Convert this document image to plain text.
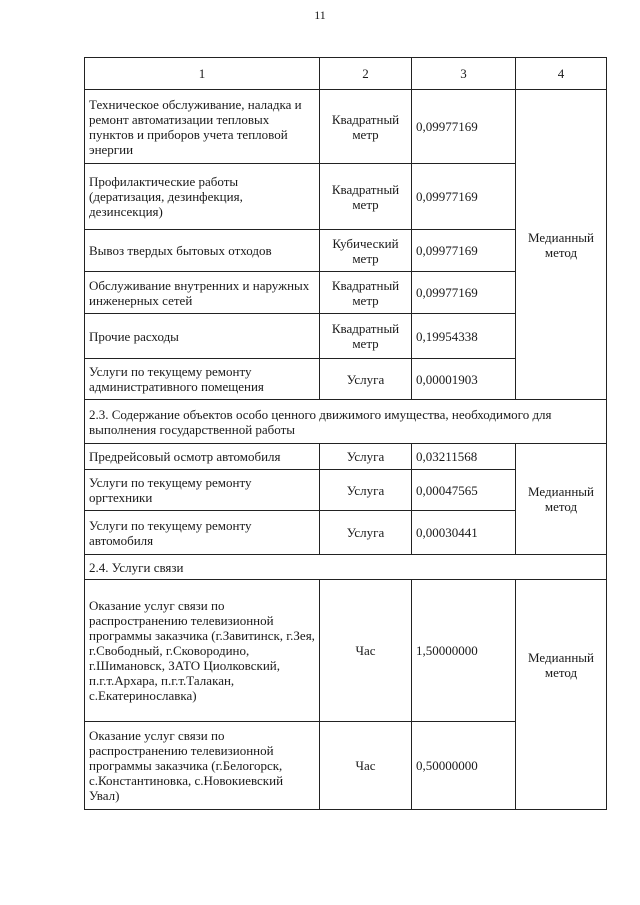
11
1	2	3	4
Техническое обслуживание, наладка и ремонт автоматизации тепловых пунктов и приборов учета тепловой энергии	Квадратный метр	0,09977169	Медианный метод
Профилактические работы (дератизация, дезинфекция, дезинсекция)	Квадратный метр	0,09977169	
Вывоз твердых бытовых отходов	Кубический метр	0,09977169	
Обслуживание внутренних и наружных инженерных сетей	Квадратный метр	0,09977169	
Прочие расходы	Квадратный метр	0,19954338	
Услуги по текущему ремонту административного помещения	Услуга	0,00001903	
2.3. Содержание объектов особо ценного движимого имущества, необходимого для выполнения государственной работы			
Предрейсовый осмотр автомобиля	Услуга	0,03211568	Медианный метод
Услуги по текущему ремонту оргтехники	Услуга	0,00047565	
Услуги по текущему ремонту автомобиля	Услуга	0,00030441	
2.4. Услуги связи			
Оказание услуг связи по распространению телевизионной программы заказчика (г.Завитинск, г.Зея, г.Свободный, г.Сковородино, г.Шимановск, ЗАТО Циолковский, п.г.т.Архара, п.г.т.Талакан, с.Екатеринославка)	Час	1,50000000	Медианный метод
Оказание услуг связи по распространению телевизионной программы заказчика (г.Белогорск, с.Константиновка, с.Новокиевский Увал)	Час	0,50000000	
